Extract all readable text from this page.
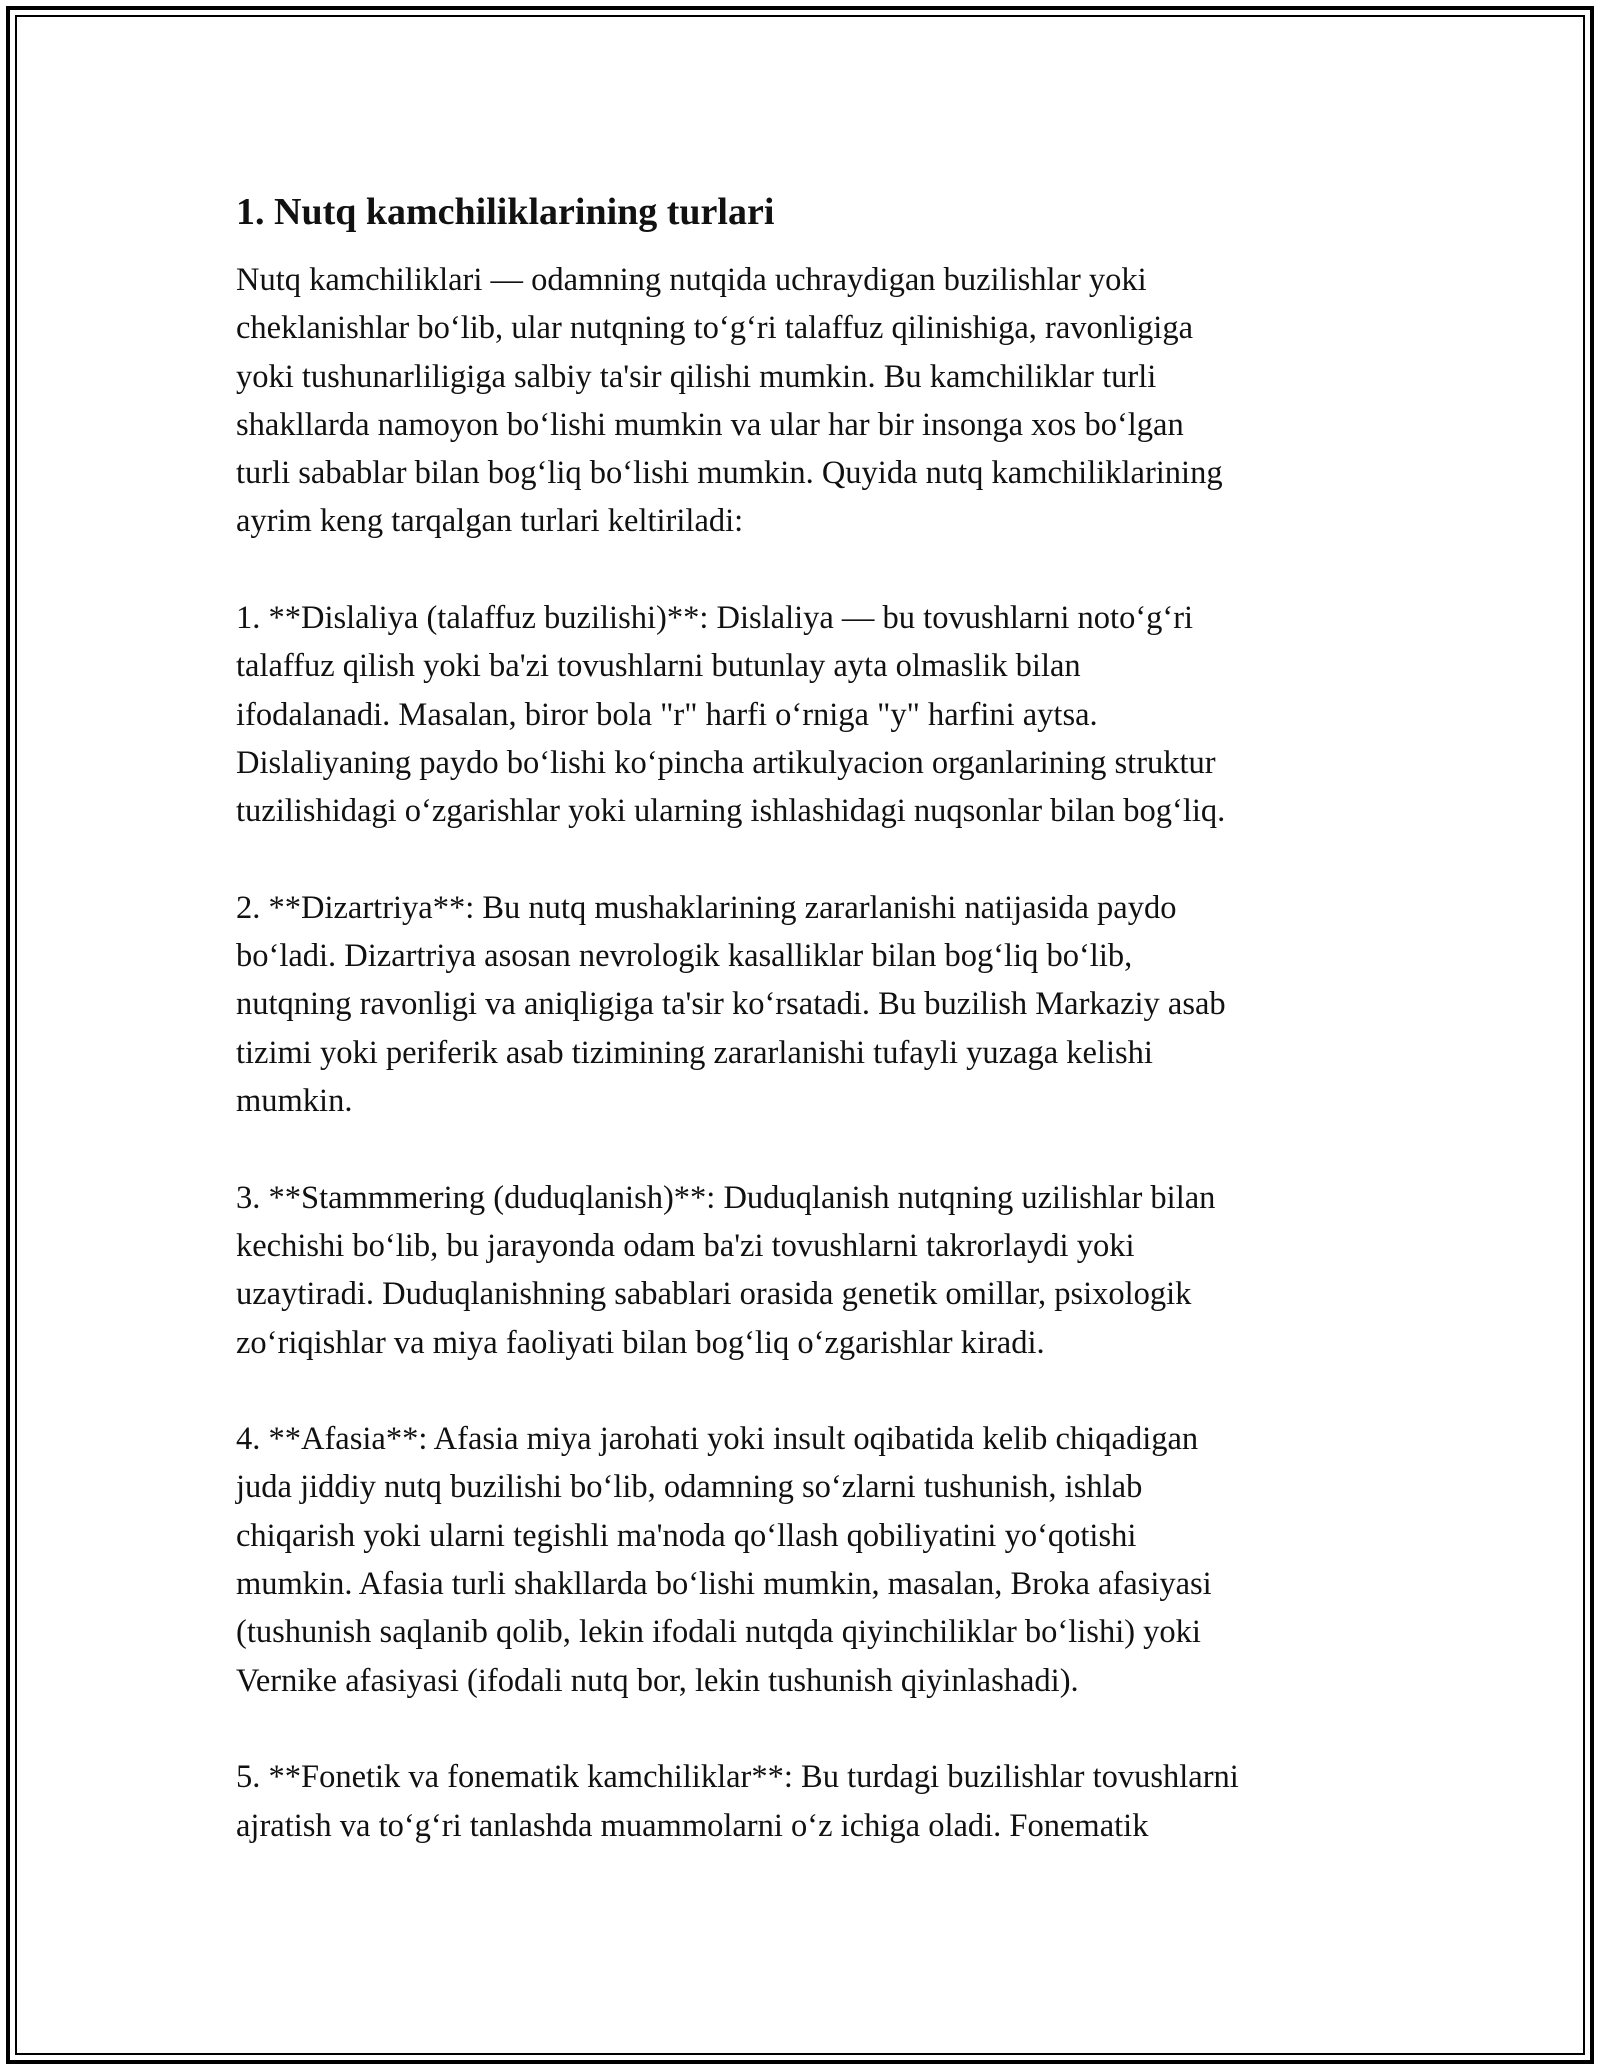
1. Nutq kamchiliklarining turlari
Nutq kamchiliklari — odamning nutqida uchraydigan buzilishlar yoki
cheklanishlar bo‘lib, ular nutqning to‘g‘ri talaffuz qilinishiga, ravonligiga
yoki tushunarliligiga salbiy ta'sir qilishi mumkin. Bu kamchiliklar turli
shakllarda namoyon bo‘lishi mumkin va ular har bir insonga xos bo‘lgan
turli sabablar bilan bog‘liq bo‘lishi mumkin. Quyida nutq kamchiliklarining
ayrim keng tarqalgan turlari keltiriladi:
1. **Dislaliya (talaffuz buzilishi)**: Dislaliya — bu tovushlarni noto‘g‘ri
talaffuz qilish yoki ba'zi tovushlarni butunlay ayta olmaslik bilan
ifodalanadi. Masalan, biror bola "r" harfi o‘rniga "y" harfini aytsa.
Dislaliyaning paydo bo‘lishi ko‘pincha artikulyacion organlarining struktur
tuzilishidagi o‘zgarishlar yoki ularning ishlashidagi nuqsonlar bilan bog‘liq.
2. **Dizartriya**: Bu nutq mushaklarining zararlanishi natijasida paydo
bo‘ladi. Dizartriya asosan nevrologik kasalliklar bilan bog‘liq bo‘lib,
nutqning ravonligi va aniqligiga ta'sir ko‘rsatadi. Bu buzilish Markaziy asab
tizimi yoki periferik asab tizimining zararlanishi tufayli yuzaga kelishi
mumkin.
3. **Stammmering (duduqlanish)**: Duduqlanish nutqning uzilishlar bilan
kechishi bo‘lib, bu jarayonda odam ba'zi tovushlarni takrorlaydi yoki
uzaytiradi. Duduqlanishning sabablari orasida genetik omillar, psixologik
zo‘riqishlar va miya faoliyati bilan bog‘liq o‘zgarishlar kiradi.
4. **Afasia**: Afasia miya jarohati yoki insult oqibatida kelib chiqadigan
juda jiddiy nutq buzilishi bo‘lib, odamning so‘zlarni tushunish, ishlab
chiqarish yoki ularni tegishli ma'noda qo‘llash qobiliyatini yo‘qotishi
mumkin. Afasia turli shakllarda bo‘lishi mumkin, masalan, Broka afasiyasi
(tushunish saqlanib qolib, lekin ifodali nutqda qiyinchiliklar bo‘lishi) yoki
Vernike afasiyasi (ifodali nutq bor, lekin tushunish qiyinlashadi).
5. **Fonetik va fonematik kamchiliklar**: Bu turdagi buzilishlar tovushlarni
ajratish va to‘g‘ri tanlashda muammolarni o‘z ichiga oladi. Fonematik
